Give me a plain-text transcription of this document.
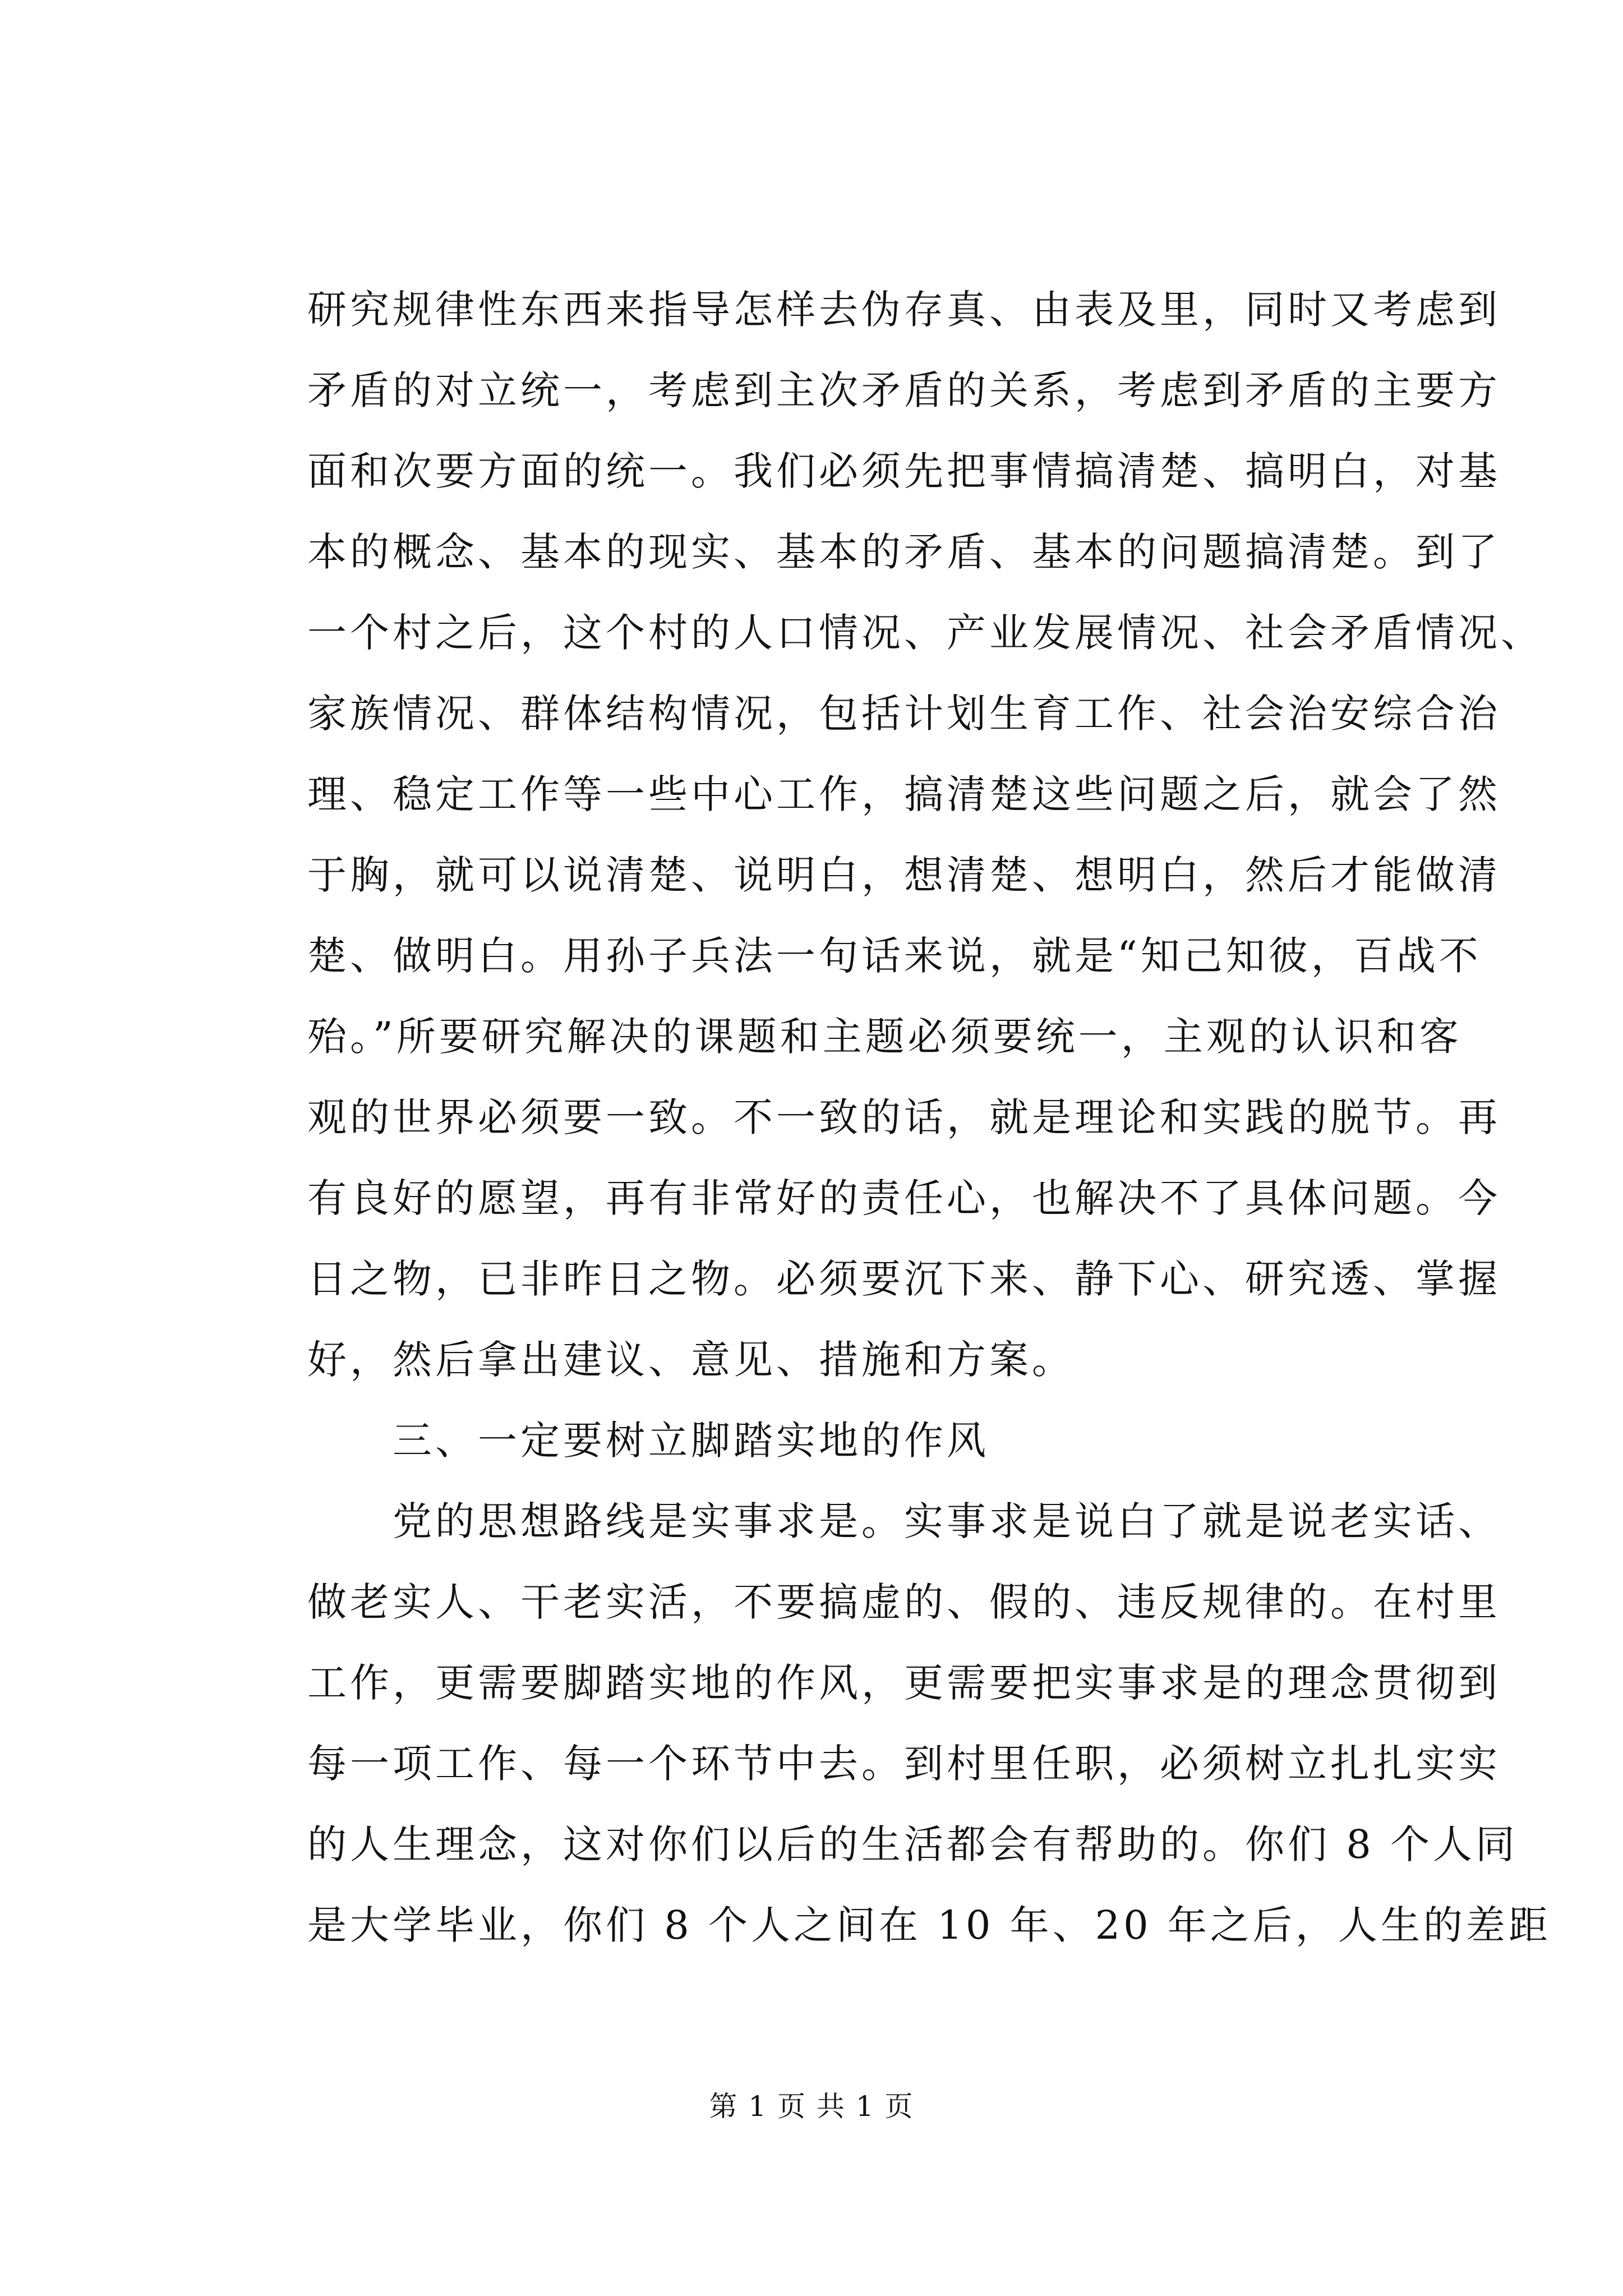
研究规律性东西来指导怎样去伪存真、由表及里，同时又考虑到
矛盾的对立统一，考虑到主次矛盾的关系，考虑到矛盾的主要方
面和次要方面的统一。我们必须先把事情搞清楚、搞明白，对基
本的概念、基本的现实、基本的矛盾、基本的问题搞清楚。到了
一个村之后，这个村的人口情况、产业发展情况、社会矛盾情况、
家族情况、群体结构情况，包括计划生育工作、社会治安综合治
理、稳定工作等一些中心工作，搞清楚这些问题之后，就会了然
于胸，就可以说清楚、说明白，想清楚、想明白，然后才能做清
楚、做明白。用孙子兵法一句话来说，就是“知己知彼，百战不
殆。”所要研究解决的课题和主题必须要统一，主观的认识和客
观的世界必须要一致。不一致的话，就是理论和实践的脱节。再
有良好的愿望，再有非常好的责任心，也解决不了具体问题。今
日之物，已非昨日之物。必须要沉下来、静下心、研究透、掌握
好，然后拿出建议、意见、措施和方案。
　　三、一定要树立脚踏实地的作风
　　党的思想路线是实事求是。实事求是说白了就是说老实话、
做老实人、干老实活，不要搞虚的、假的、违反规律的。在村里
工作，更需要脚踏实地的作风，更需要把实事求是的理念贯彻到
每一项工作、每一个环节中去。到村里任职，必须树立扎扎实实
的人生理念，这对你们以后的生活都会有帮助的。你们 8 个人同
是大学毕业，你们 8 个人之间在 10 年、20 年之后，人生的差距
第 1 页 共 1 页
